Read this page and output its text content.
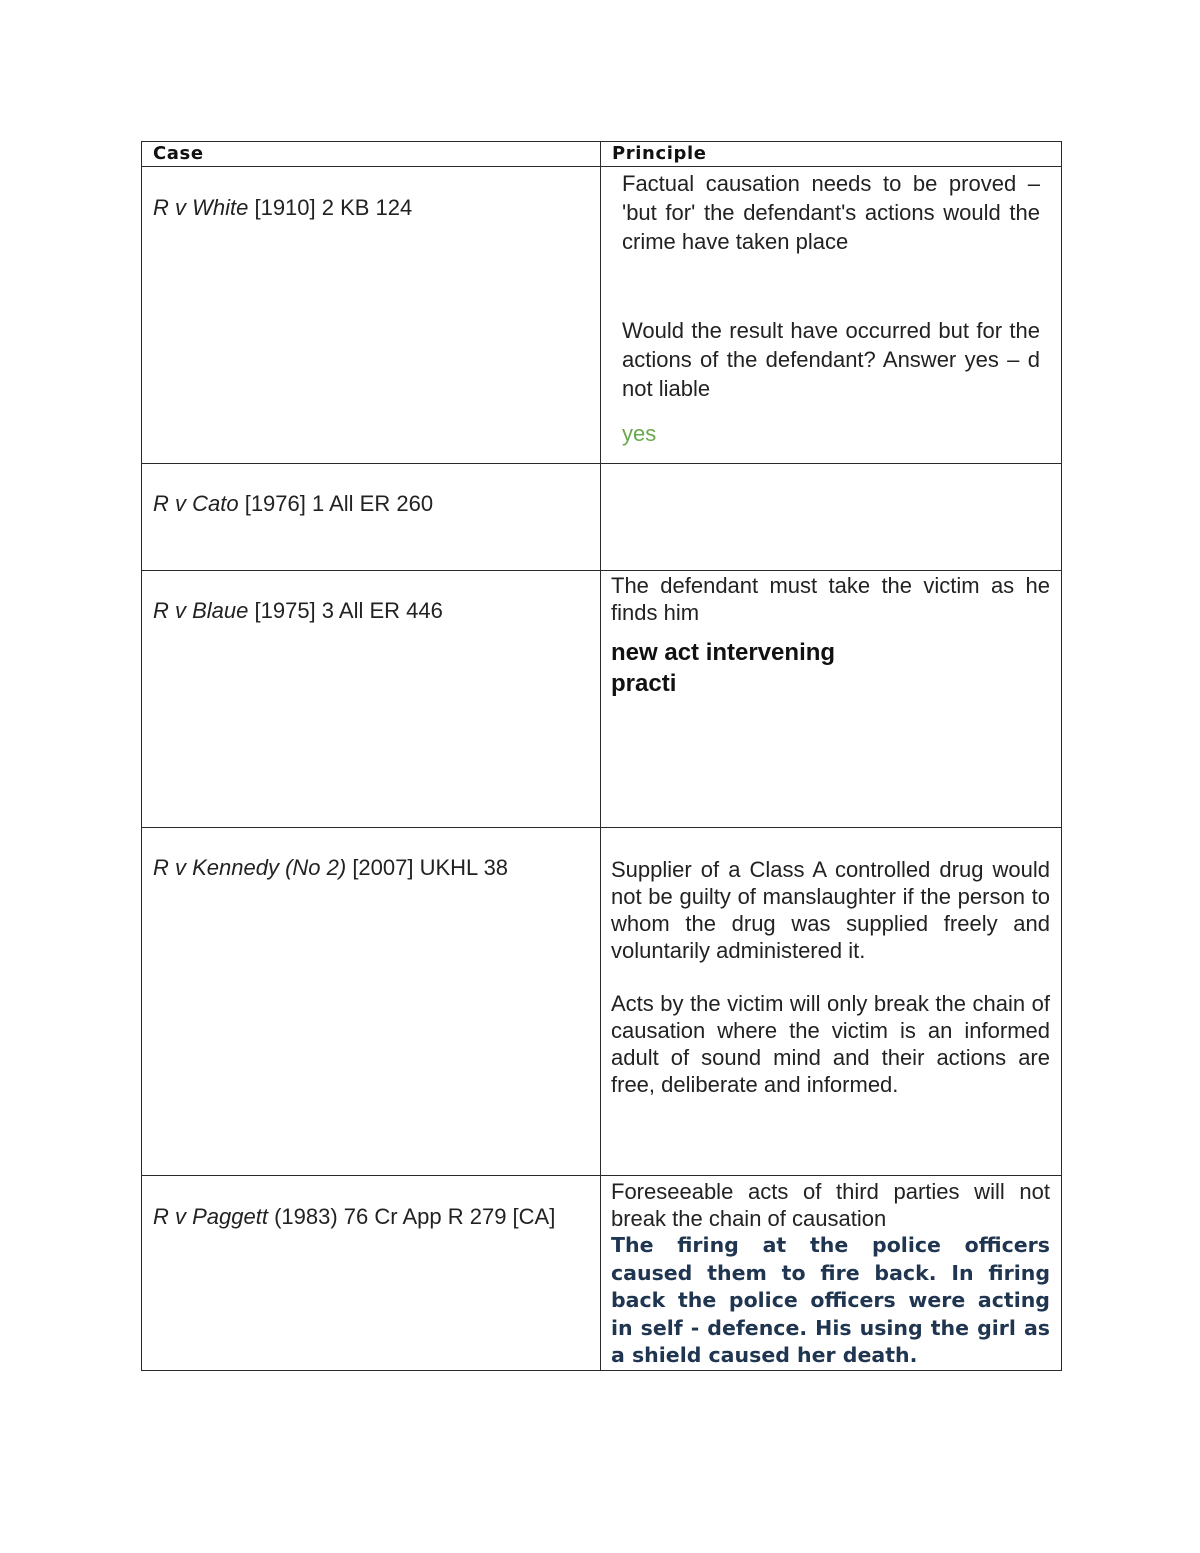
Case	Principle

R v White [1910] 2 KB 124	Factual causation needs to be proved – 'but for' the defendant's actions would the crime have taken place

Would the result have occurred but for the actions of the defendant? Answer yes – d not liable

yes

R v Cato [1976] 1 All ER 260	

R v Blaue [1975] 3 All ER 446	The defendant must take the victim as he finds him

new act intervening

practi

R v Kennedy (No 2) [2007] UKHL 38	Supplier of a Class A controlled drug would not be guilty of manslaughter if the person to whom the drug was supplied freely and voluntarily administered it.

Acts by the victim will only break the chain of causation where the victim is an informed adult of sound mind and their actions are free, deliberate and informed.

R v Paggett (1983) 76 Cr App R 279 [CA]	Foreseeable acts of third parties will not break the chain of causation

The firing at the police officers caused them to fire back. In firing back the police officers were acting in self - defence. His using the girl as a shield caused her death.
